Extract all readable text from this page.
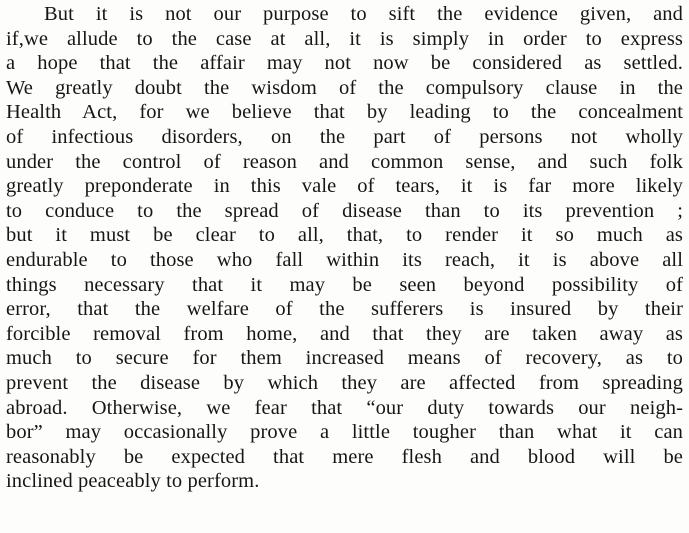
But it is not our purpose to sift the evidence given, and
if,we allude to the case at all, it is simply in order to express
a hope that the affair may not now be considered as settled.
We greatly doubt the wisdom of the compulsory clause in the
Health Act, for we believe that by leading to the concealment
of infectious disorders, on the part of persons not wholly
under the control of reason and common sense, and such folk
greatly preponderate in this vale of tears, it is far more likely
to conduce to the spread of disease than to its prevention ;
but it must be clear to all, that, to render it so much as
endurable to those who fall within its reach, it is above all
things necessary that it may be seen beyond possibility of
error, that the welfare of the sufferers is insured by their
forcible removal from home, and that they are taken away as
much to secure for them increased means of recovery, as to
prevent the disease by which they are affected from spreading
abroad. Otherwise, we fear that “our duty towards our neigh-
bor” may occasionally prove a little tougher than what it can
reasonably be expected that mere flesh and blood will be
inclined peaceably to perform.
